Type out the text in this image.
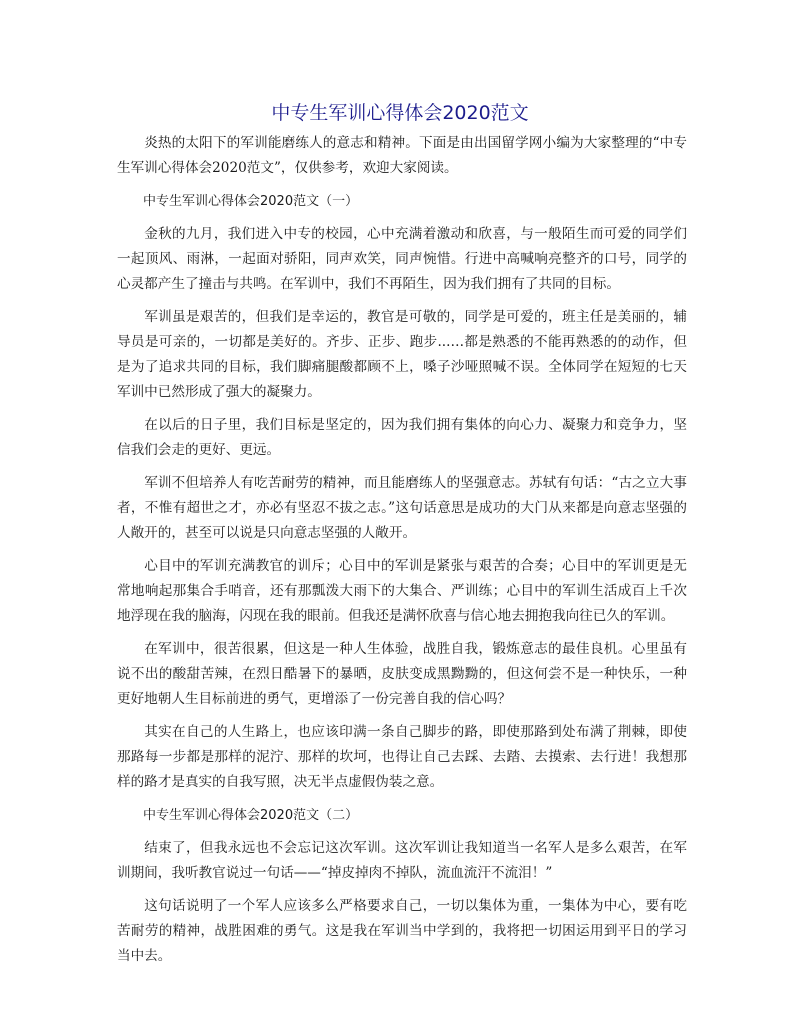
中专生军训心得体会2020范文

炎热的太阳下的军训能磨练人的意志和精神。下面是由出国留学网小编为大家整理的“中专生军训心得体会2020范文”，仅供参考，欢迎大家阅读。

中专生军训心得体会2020范文（一）

金秋的九月，我们进入中专的校园，心中充满着激动和欣喜，与一般陌生而可爱的同学们一起顶风、雨淋，一起面对骄阳，同声欢笑，同声惋惜。行进中高喊响亮整齐的口号，同学的心灵都产生了撞击与共鸣。在军训中，我们不再陌生，因为我们拥有了共同的目标。

军训虽是艰苦的，但我们是幸运的，教官是可敬的，同学是可爱的，班主任是美丽的，辅导员是可亲的，一切都是美好的。齐步、正步、跑步...…都是熟悉的不能再熟悉的的动作，但是为了追求共同的目标，我们脚痛腿酸都顾不上，嗓子沙哑照喊不误。全体同学在短短的七天军训中已然形成了强大的凝聚力。

在以后的日子里，我们目标是坚定的，因为我们拥有集体的向心力、凝聚力和竞争力，坚信我们会走的更好、更远。

军训不但培养人有吃苦耐劳的精神，而且能磨练人的坚强意志。苏轼有句话：“古之立大事者，不惟有超世之才，亦必有坚忍不拔之志。”这句话意思是成功的大门从来都是向意志坚强的人敞开的，甚至可以说是只向意志坚强的人敞开。

心目中的军训充满教官的训斥；心目中的军训是紧张与艰苦的合奏；心目中的军训更是无常地响起那集合手哨音，还有那瓢泼大雨下的大集合、严训练；心目中的军训生活成百上千次地浮现在我的脑海，闪现在我的眼前。但我还是满怀欣喜与信心地去拥抱我向往已久的军训。

在军训中，很苦很累，但这是一种人生体验，战胜自我，锻炼意志的最佳良机。心里虽有说不出的酸甜苦辣，在烈日酷暑下的暴晒，皮肤变成黑黝黝的，但这何尝不是一种快乐，一种更好地朝人生目标前进的勇气，更增添了一份完善自我的信心吗？

其实在自己的人生路上，也应该印满一条自己脚步的路，即使那路到处布满了荆棘，即使那路每一步都是那样的泥泞、那样的坎坷，也得让自己去踩、去踏、去摸索、去行进！我想那样的路才是真实的自我写照，决无半点虚假伪装之意。

中专生军训心得体会2020范文（二）

结束了，但我永远也不会忘记这次军训。这次军训让我知道当一名军人是多么艰苦，在军训期间，我听教官说过一句话——“掉皮掉肉不掉队，流血流汗不流泪！”

这句话说明了一个军人应该多么严格要求自己，一切以集体为重，一集体为中心，要有吃苦耐劳的精神，战胜困难的勇气。这是我在军训当中学到的，我将把一切困运用到平日的学习当中去。
